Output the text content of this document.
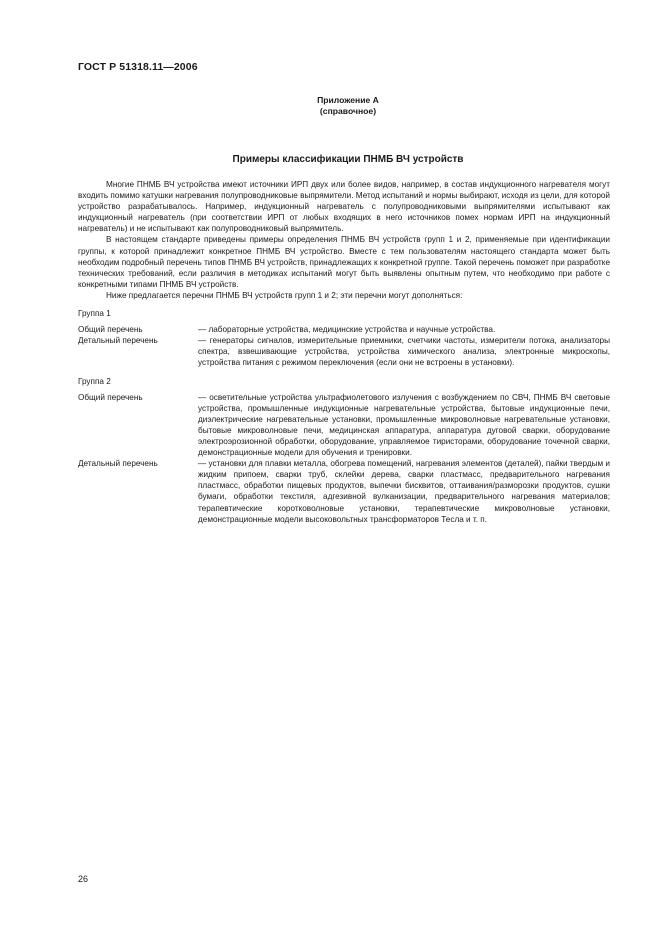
ГОСТ Р 51318.11—2006
Приложение А
(справочное)
Примеры классификации ПНМБ ВЧ устройств

Многие ПНМБ ВЧ устройства имеют источники ИРП двух или более видов, например, в состав индукционного нагревателя могут входить помимо катушки нагревания полупроводниковые выпрямители. Метод испытаний и нормы выбирают, исходя из цели, для которой устройство разрабатывалось. Например, индукционный нагреватель с полупроводниковыми выпрямителями испытывают как индукционный нагреватель (при соответствии ИРП от любых входящих в него источников помех нормам ИРП на индукционный нагреватель) и не испытывают как полупроводниковый выпрямитель.

В настоящем стандарте приведены примеры определения ПНМБ ВЧ устройств групп 1 и 2, применяемые при идентификации группы, к которой принадлежит конкретное ПНМБ ВЧ устройство. Вместе с тем пользователям настоящего стандарта может быть необходим подробный перечень типов ПНМБ ВЧ устройств, принадлежащих к конкретной группе. Такой перечень поможет при разработке технических требований, если различия в методиках испытаний могут быть выявлены опытным путем, что необходимо при работе с конкретными типами ПНМБ ВЧ устройств.

Ниже предлагается перечни ПНМБ ВЧ устройств групп 1 и 2; эти перечни могут дополняться:

Группа 1
Общий перечень	— лабораторные устройства, медицинские устройства и научные устройства.
Детальный перечень	— генераторы сигналов, измерительные приемники, счетчики частоты, измерители потока, анализаторы спектра, взвешивающие устройства, устройства химического анализа, электронные микроскопы, устройства питания с режимом переключения (если они не встроены в установки).
Группа 2
Общий перечень	— осветительные устройства ультрафиолетового излучения с возбуждением по СВЧ, ПНМБ ВЧ световые устройства, промышленные индукционные нагревательные устройства, бытовые индукционные печи, диэлектрические нагревательные установки, промышленные микроволновые нагревательные установки, бытовые микроволновые печи, медицинская аппаратура, аппаратура дуговой сварки, оборудование электроэрозионной обработки, оборудование, управляемое тиристорами, оборудование точечной сварки, демонстрационные модели для обучения и тренировки.
Детальный перечень	— установки для плавки металла, обогрева помещений, нагревания элементов (деталей), пайки твердым и жидким припоем, сварки труб, склейки дерева, сварки пластмасс, предварительного нагревания пластмасс, обработки пищевых продуктов, выпечки бисквитов, оттаивания/разморозки продуктов, сушки бумаги, обработки текстиля, адгезивной вулканизации, предварительного нагревания материалов; терапевтические коротковолновые установки, терапевтические микроволновые установки, демонстрационные модели высоковольтных трансформаторов Тесла и т. п.
26
